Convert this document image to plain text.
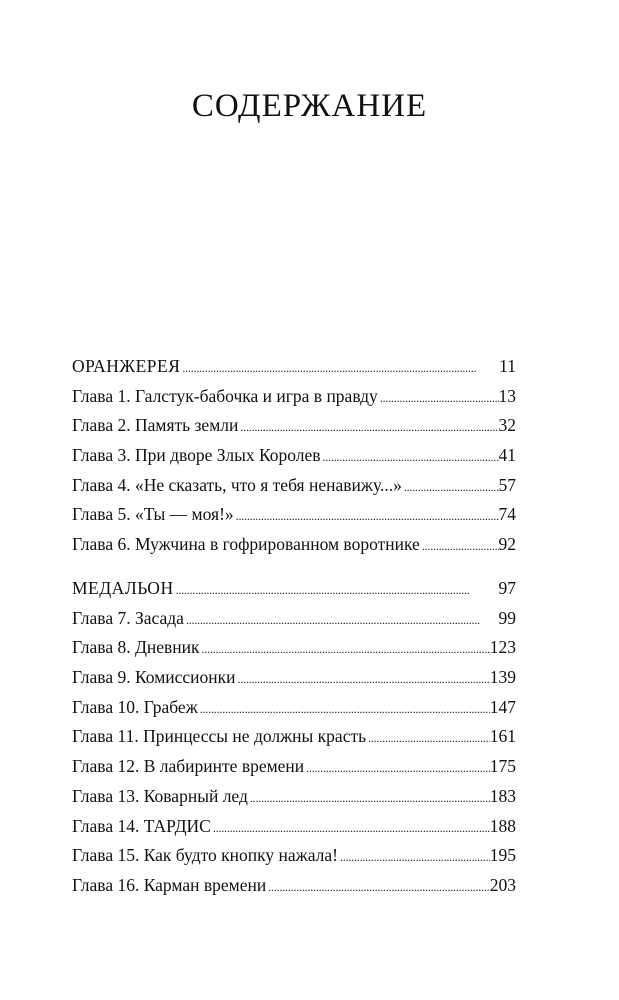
СОДЕРЖАНИЕ
ОРАНЖЕРЕЯ . . .	11
Глава 1. Галстук-бабочка и игра в правду . . .	13
Глава 2. Память земли . . .	32
Глава 3. При дворе Злых Королев . . .	41
Глава 4. «Не сказать, что я тебя ненавижу...» . . .	57
Глава 5. «Ты — моя!» . . .	74
Глава 6. Мужчина в гофрированном воротнике . . .	92
МЕДАЛЬОН . . .	97
Глава 7. Засада . . .	99
Глава 8. Дневник . . .	123
Глава 9. Комиссионки . . .	139
Глава 10. Грабеж . . .	147
Глава 11. Принцессы не должны красть . . .	161
Глава 12. В лабиринте времени . . .	175
Глава 13. Коварный лед . . .	183
Глава 14. ТАРДИС . . .	188
Глава 15. Как будто кнопку нажала! . . .	195
Глава 16. Карман времени . . .	203
